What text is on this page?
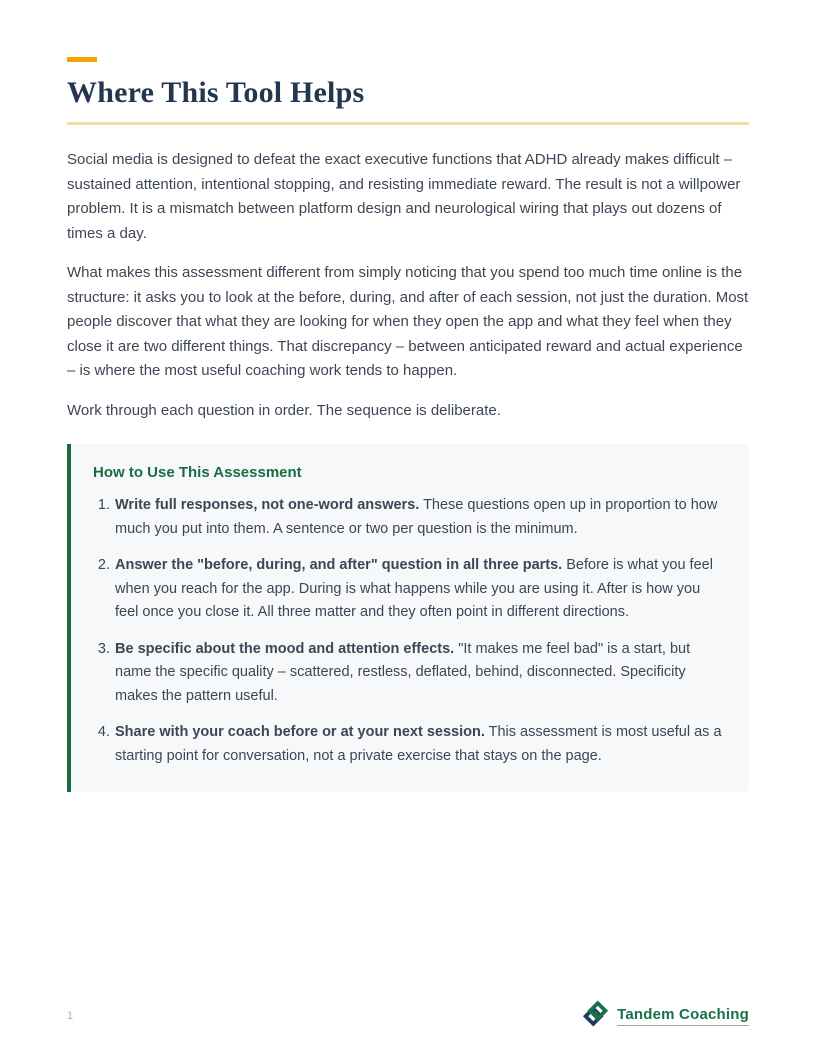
Where This Tool Helps

Social media is designed to defeat the exact executive functions that ADHD already makes difficult – sustained attention, intentional stopping, and resisting immediate reward. The result is not a willpower problem. It is a mismatch between platform design and neurological wiring that plays out dozens of times a day.

What makes this assessment different from simply noticing that you spend too much time online is the structure: it asks you to look at the before, during, and after of each session, not just the duration. Most people discover that what they are looking for when they open the app and what they feel when they close it are two different things. That discrepancy – between anticipated reward and actual experience – is where the most useful coaching work tends to happen.

Work through each question in order. The sequence is deliberate.

How to Use This Assessment
1. Write full responses, not one-word answers. These questions open up in proportion to how much you put into them. A sentence or two per question is the minimum.
2. Answer the "before, during, and after" question in all three parts. Before is what you feel when you reach for the app. During is what happens while you are using it. After is how you feel once you close it. All three matter and they often point in different directions.
3. Be specific about the mood and attention effects. "It makes me feel bad" is a start, but name the specific quality – scattered, restless, deflated, behind, disconnected. Specificity makes the pattern useful.
4. Share with your coach before or at your next session. This assessment is most useful as a starting point for conversation, not a private exercise that stays on the page.
1	Tandem Coaching
